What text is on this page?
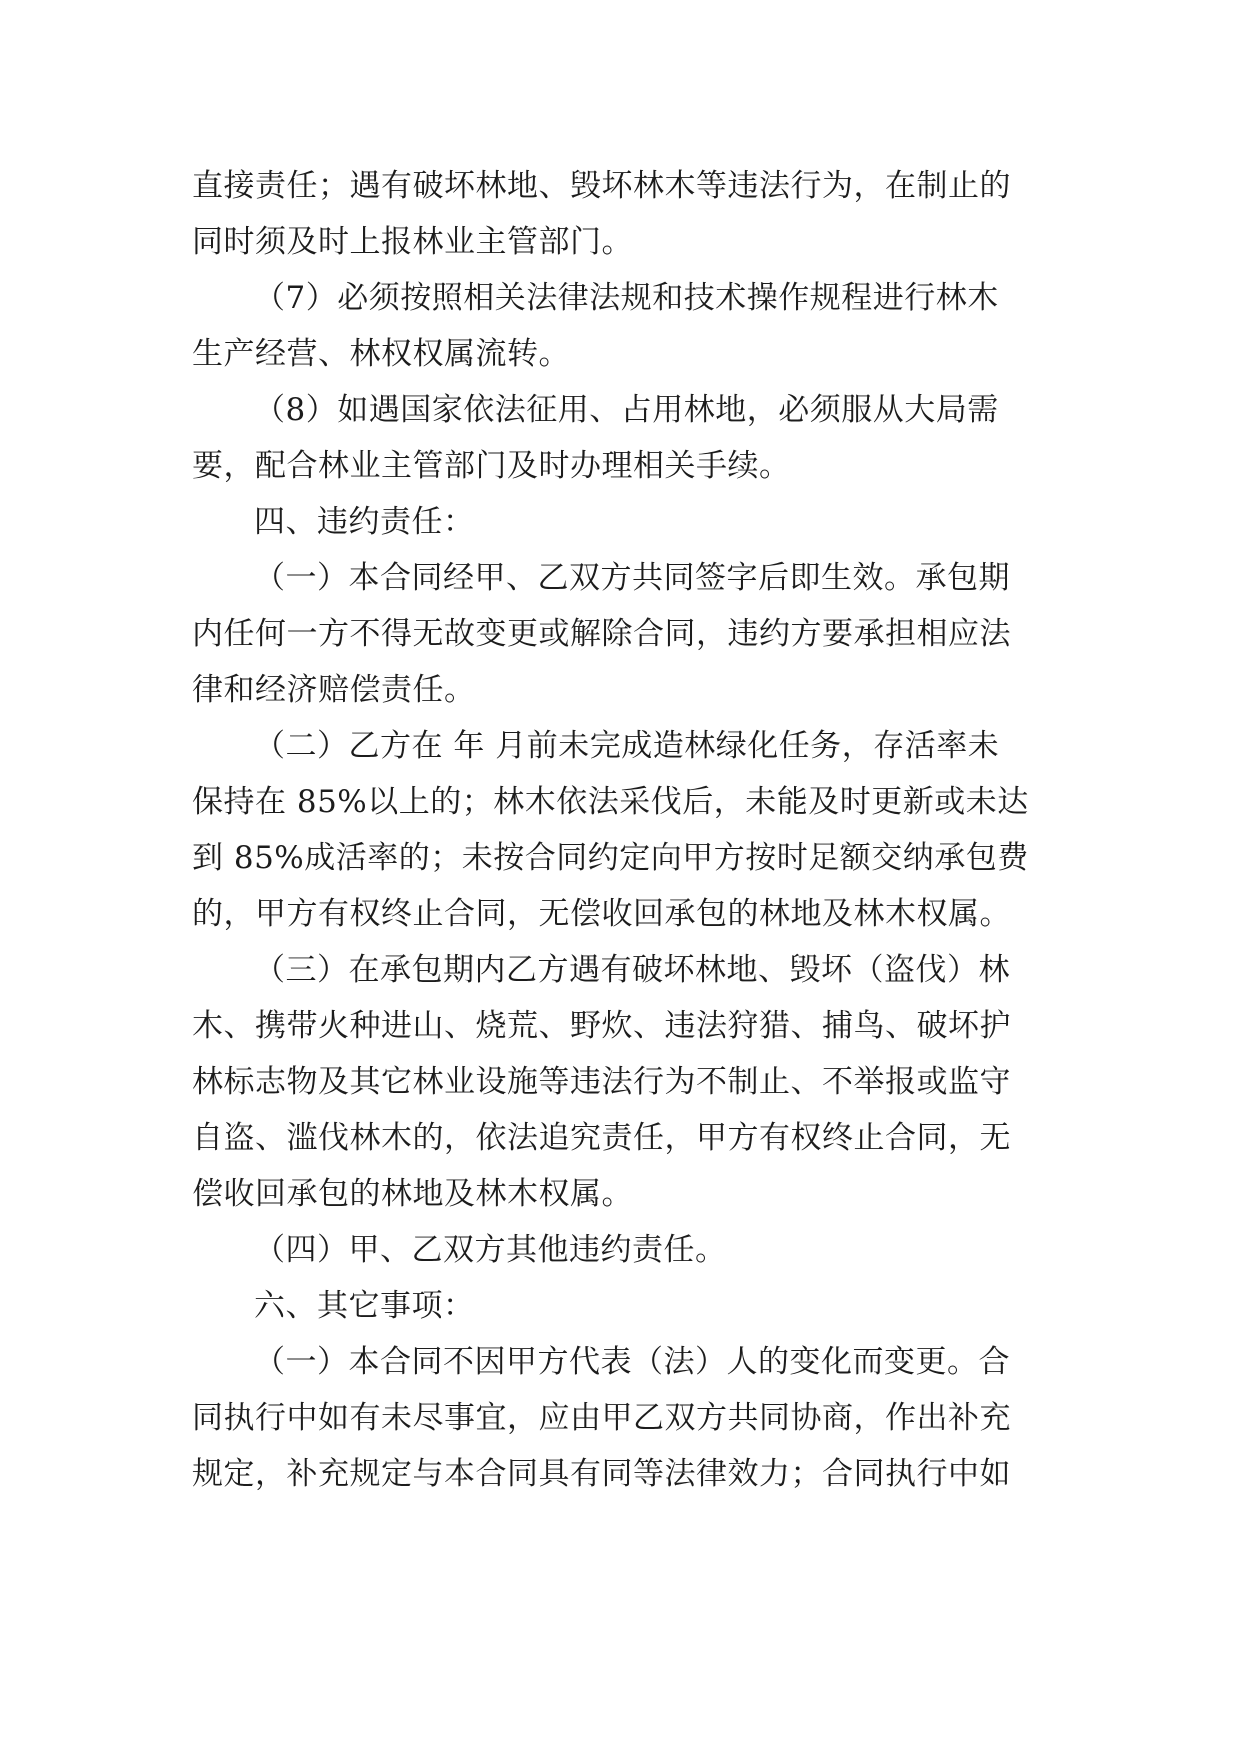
直接责任；遇有破坏林地、毁坏林木等违法行为，在制止的
同时须及时上报林业主管部门。
（7）必须按照相关法律法规和技术操作规程进行林木
生产经营、林权权属流转。
（8）如遇国家依法征用、占用林地，必须服从大局需
要，配合林业主管部门及时办理相关手续。
四、违约责任：
（一）本合同经甲、乙双方共同签字后即生效。承包期
内任何一方不得无故变更或解除合同，违约方要承担相应法
律和经济赔偿责任。
（二）乙方在 年 月前未完成造林绿化任务，存活率未
保持在 85%以上的；林木依法采伐后，未能及时更新或未达
到 85%成活率的；未按合同约定向甲方按时足额交纳承包费
的，甲方有权终止合同，无偿收回承包的林地及林木权属。
（三）在承包期内乙方遇有破坏林地、毁坏（盗伐）林
木、携带火种进山、烧荒、野炊、违法狩猎、捕鸟、破坏护
林标志物及其它林业设施等违法行为不制止、不举报或监守
自盗、滥伐林木的，依法追究责任，甲方有权终止合同，无
偿收回承包的林地及林木权属。
（四）甲、乙双方其他违约责任。
六、其它事项：
（一）本合同不因甲方代表（法）人的变化而变更。合
同执行中如有未尽事宜，应由甲乙双方共同协商，作出补充
规定，补充规定与本合同具有同等法律效力；合同执行中如
